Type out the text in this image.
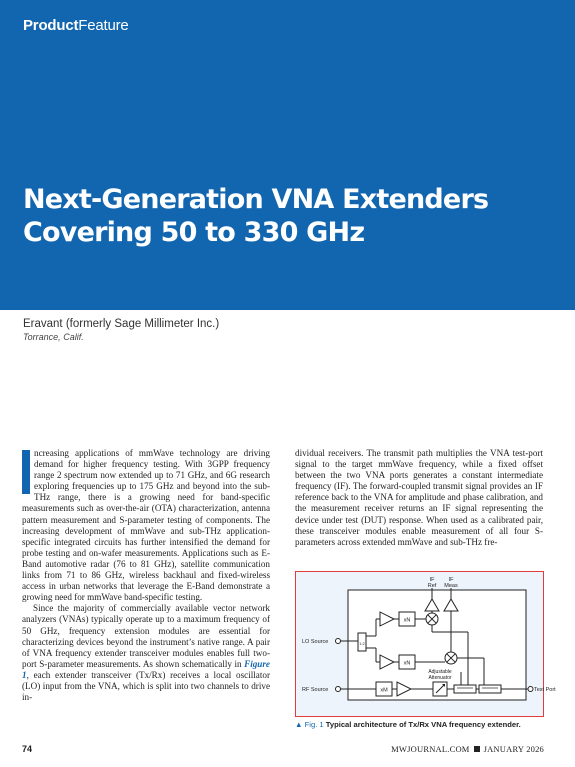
ProductFeature
Next-Generation VNA Extenders Covering 50 to 330 GHz
Eravant (formerly Sage Millimeter Inc.)
Torrance, Calif.

ncreasing applications of mmWave technology are driving demand for higher frequency testing. With 3GPP frequency range 2 spectrum now extended up to 71 GHz, and 6G research exploring frequencies up to 175 GHz and beyond into the sub-THz range, there is a growing need for band-specific measurements such as over-the-air (OTA) characterization, antenna pattern measurement and S-parameter testing of components. The increasing development of mmWave and sub-THz application-specific integrated circuits has further intensified the demand for probe testing and on-wafer measurements. Applications such as E-Band automotive radar (76 to 81 GHz), satellite communication links from 71 to 86 GHz, wireless backhaul and fixed-wireless access in urban networks that leverage the E-Band demonstrate a growing need for mmWave band-specific testing.

Since the majority of commercially available vector network analyzers (VNAs) typically operate up to a maximum frequency of 50 GHz, frequency extension modules are essential for characterizing devices beyond the instrument’s native range. A pair of VNA frequency extender transceiver modules enables full two-port S-parameter measurements. As shown schematically in Figure 1, each extender transceiver (Tx/Rx) receives a local oscillator (LO) input from the VNA, which is split into two channels to drive in-

dividual receivers. The transmit path multiplies the VNA test-port signal to the target mmWave frequency, while a fixed offset between the two VNA ports generates a constant intermediate frequency (IF). The forward-coupled transmit signal provides an IF reference back to the VNA for amplitude and phase calibration, and the measurement receiver returns an IF signal representing the device under test (DUT) response. When used as a calibrated pair, these transceiver modules enable measurement of all four S-parameters across extended mmWave and sub-THz fre-

IF
Ref
IF
Meas
LO Source	1:2
xN
xN
Adjustable
Attenuator
RF Source	xM	Test Port
▲ Fig. 1 Typical architecture of Tx/Rx VNA frequency extender.
74	MWJOURNAL.COM JANUARY 2026
